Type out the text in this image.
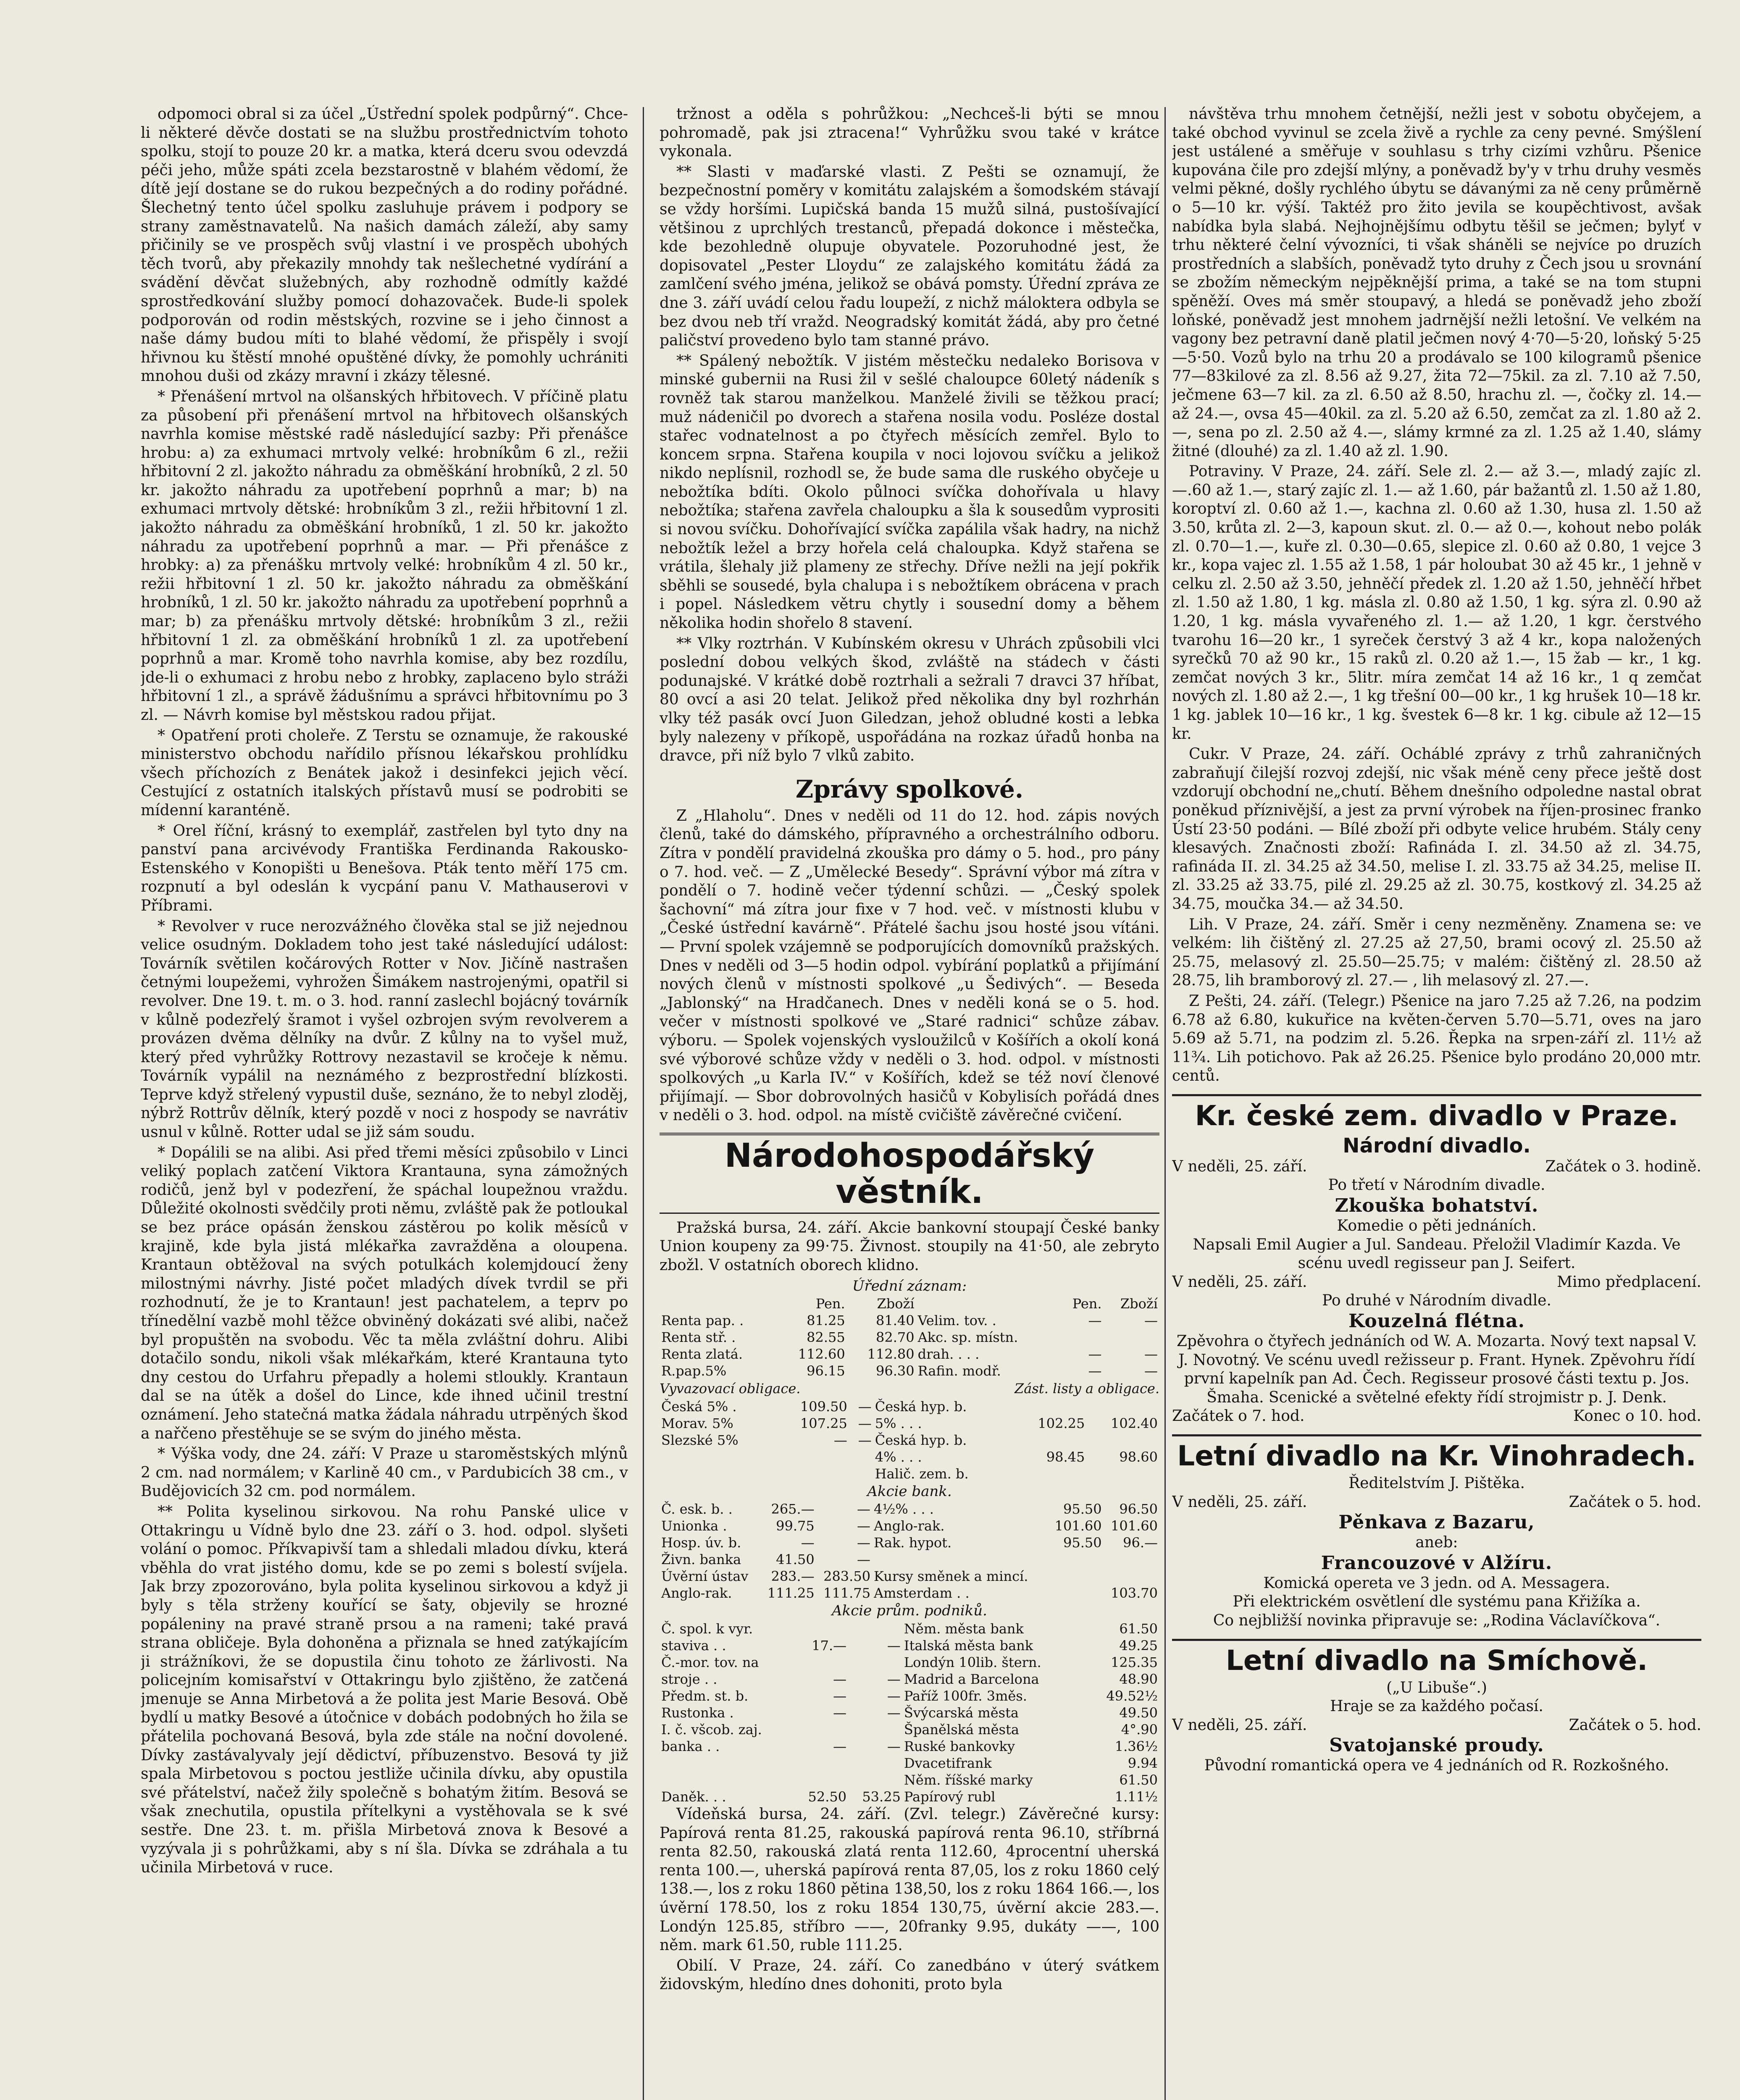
odpomoci obral si za účel „Ústřední spolek podpůrný“. Chce-li některé děvče dostati se na službu prostřednictvím tohoto spolku, stojí to pouze 20 kr. a matka, která dceru svou odevzdá péči jeho, může spáti zcela bezstarostně v blahém vědomí, že dítě její dostane se do rukou bezpečných a do rodiny pořádné. Šlechetný tento účel spolku zasluhuje právem i podpory se strany zaměstnavatelů. Na našich damách záleží, aby samy přičinily se ve prospěch svůj vlastní i ve prospěch ubohých těch tvorů, aby překazily mnohdy tak nešlechetné vydírání a svádění děvčat služebných, aby rozhodně odmítly každé sprostředkování služby pomocí dohazovaček. Bude-li spolek podporován od rodin městských, rozvine se i jeho činnost a naše dámy budou míti to blahé vědomí, že přispěly i svojí hřivnou ku štěstí mnohé opuštěné dívky, že pomohly uchrániti mnohou duši od zkázy mravní i zkázy tělesné.

* Přenášení mrtvol na olšanských hřbitovech. V příčině platu za působení při přenášení mrtvol na hřbitovech olšanských navrhla komise městské radě následující sazby: Při přenášce hrobu: a) za exhumaci mrtvoly velké: hrobníkům 6 zl., režii hřbitovní 2 zl. jakožto náhradu za obměškání hrobníků, 2 zl. 50 kr. jakožto náhradu za upotřebení poprhnů a mar; b) na exhumaci mrtvoly dětské: hrobníkům 3 zl., režii hřbitovní 1 zl. jakožto náhradu za obměškání hrobníků, 1 zl. 50 kr. jakožto náhradu za upotřebení poprhnů a mar. — Při přenášce z hrobky: a) za přenášku mrtvoly velké: hrobníkům 4 zl. 50 kr., režii hřbitovní 1 zl. 50 kr. jakožto náhradu za obměškání hrobníků, 1 zl. 50 kr. jakožto náhradu za upotřebení poprhnů a mar; b) za přenášku mrtvoly dětské: hrobníkům 3 zl., režii hřbitovní 1 zl. za obměškání hrobníků 1 zl. za upotřebení poprhnů a mar. Kromě toho navrhla komise, aby bez rozdílu, jde-li o exhumaci z hrobu nebo z hrobky, zaplaceno bylo stráži hřbitovní 1 zl., a správě žádušnímu a správci hřbitovnímu po 3 zl. — Návrh komise byl městskou radou přijat.

* Opatření proti choleře. Z Terstu se oznamuje, že rakouské ministerstvo obchodu nařídilo přísnou lékařskou prohlídku všech příchozích z Benátek jakož i desinfekci jejich věcí. Cestující z ostatních italských přístavů musí se podrobiti se mídenní karanténě.

* Orel říční, krásný to exemplář, zastřelen byl tyto dny na panství pana arcivévody Františka Ferdinanda Rakousko-Estenského v Konopišti u Benešova. Pták tento měří 175 cm. rozpnutí a byl odeslán k vycpání panu V. Mathauserovi v Příbrami.

* Revolver v ruce nerozvážného člověka stal se již nejednou velice osudným. Dokladem toho jest také následující událost: Továrník světilen kočárových Rotter v Nov. Jičíně nastrašen četnými loupežemi, vyhrožen Šimákem nastrojenými, opatřil si revolver. Dne 19. t. m. o 3. hod. ranní zaslechl bojácný továrník v kůlně podezřelý šramot i vyšel ozbrojen svým revolverem a provázen dvěma dělníky na dvůr. Z kůlny na to vyšel muž, který před vyhrůžky Rottrovy nezastavil se kročeje k němu. Továrník vypálil na neznámého z bezprostřední blízkosti. Teprve když střelený vypustil duše, seznáno, že to nebyl zloděj, nýbrž Rottrův dělník, který pozdě v noci z hospody se navrátiv usnul v kůlně. Rotter udal se již sám soudu.

* Dopálili se na alibi. Asi před třemi měsíci způsobilo v Linci veliký poplach zatčení Viktora Krantauna, syna zámožných rodičů, jenž byl v podezření, že spáchal loupežnou vraždu. Důležité okolnosti svědčily proti němu, zvláště pak že potloukal se bez práce opásán ženskou zástěrou po kolik měsíců v krajině, kde byla jistá mlékařka zavražděna a oloupena. Krantaun obtěžoval na svých potulkách kolemjdoucí ženy milostnými návrhy. Jisté počet mladých dívek tvrdil se při rozhodnutí, že je to Krantaun! jest pachatelem, a teprv po třínedělní vazbě mohl těžce obviněný dokázati své alibi, načež byl propuštěn na svobodu. Věc ta měla zvláštní dohru. Alibi dotačilo sondu, nikoli však mlékařkám, které Krantauna tyto dny cestou do Urfahru přepadly a holemi stloukly. Krantaun dal se na útěk a došel do Lince, kde ihned učinil trestní oznámení. Jeho statečná matka žádala náhradu utrpěných škod a nařčeno přestěhuje se se svým do jiného města.

* Výška vody, dne 24. září: V Praze u staroměstských mlýnů 2 cm. nad normálem; v Karlině 40 cm., v Pardubicích 38 cm., v Budějovicích 32 cm. pod normálem.

** Polita kyselinou sirkovou. Na rohu Panské ulice v Ottakringu u Vídně bylo dne 23. září o 3. hod. odpol. slyšeti volání o pomoc. Příkvapivší tam a shledali mladou dívku, která vběhla do vrat jistého domu, kde se po zemi s bolestí svíjela. Jak brzy zpozorováno, byla polita kyselinou sirkovou a když ji byly s těla strženy kouřící se šaty, objevily se hrozné popáleniny na pravé straně prsou a na rameni; také pravá strana obličeje. Byla dohoněna a přiznala se hned zatýkajícím ji strážníkovi, že se dopustila činu tohoto ze žárlivosti. Na policejním komisařství v Ottakringu bylo zjištěno, že zatčená jmenuje se Anna Mirbetová a že polita jest Marie Besová. Obě bydlí u matky Besové a útočnice v dobách podobných ho žila se přátelila pochovaná Besová, byla zde stále na noční dovolené. Dívky zastávalyvaly její dědictví, příbuzenstvo. Besová ty již spala Mirbetovou s poctou jestliže učinila dívku, aby opustila své přátelství, načež žily společně s bohatým žitím. Besová se však znechutila, opustila přítelkyni a vystěhovala se k své sestře. Dne 23. t. m. přišla Mirbetová znova k Besové a vyzývala ji s pohrůžkami, aby s ní šla. Dívka se zdráhala a tu učinila Mirbetová v ruce.

tržnost a oděla s pohrůžkou: „Nechceš-li býti se mnou pohromadě, pak jsi ztracena!“ Vyhrůžku svou také v krátce vykonala.

** Slasti v maďarské vlasti. Z Pešti se oznamují, že bezpečnostní poměry v komitátu zalajském a šomodském stávají se vždy horšími. Lupičská banda 15 mužů silná, pustošívající většinou z uprchlých trestanců, přepadá dokonce i městečka, kde bezohledně olupuje obyvatele. Pozoruhodné jest, že dopisovatel „Pester Lloydu“ ze zalajského komitátu žádá za zamlčení svého jména, jelikož se obává pomsty. Úřední zpráva ze dne 3. září uvádí celou řadu loupeží, z nichž máloktera odbyla se bez dvou neb tří vražd. Neogradský komitát žádá, aby pro četné paličství provedeno bylo tam stanné právo.

** Spálený nebožtík. V jistém městečku nedaleko Borisova v minské gubernii na Rusi žil v sešlé chaloupce 60letý nádeník s rovněž tak starou manželkou. Manželé živili se těžkou prací; muž nádeničil po dvorech a stařena nosila vodu. Posléze dostal stařec vodnatelnost a po čtyřech měsících zemřel. Bylo to koncem srpna. Stařena koupila v noci lojovou svíčku a jelikož nikdo neplísnil, rozhodl se, že bude sama dle ruského obyčeje u nebožtíka bdíti. Okolo půlnoci svíčka dohořívala u hlavy nebožtíka; stařena zavřela chaloupku a šla k sousedům vyprositi si novou svíčku. Dohořívající svíčka zapálila však hadry, na nichž nebožtík ležel a brzy hořela celá chaloupka. Když stařena se vrátila, šlehaly již plameny ze střechy. Dříve nežli na její pokřik sběhli se sousedé, byla chalupa i s nebožtíkem obrácena v prach i popel. Následkem větru chytly i sousední domy a během několika hodin shořelo 8 stavení.

** Vlky roztrhán. V Kubínském okresu v Uhrách způsobili vlci poslední dobou velkých škod, zvláště na stádech v části podunajské. V krátké době roztrhali a sežrali 7 dravci 37 hříbat, 80 ovcí a asi 20 telat. Jelikož před několika dny byl rozhrhán vlky též pasák ovcí Juon Giledzan, jehož obludné kosti a lebka byly nalezeny v příkopě, uspořádána na rozkaz úřadů honba na dravce, při níž bylo 7 vlků zabito.

Zprávy spolkové.

Z „Hlaholu“. Dnes v neděli od 11 do 12. hod. zápis nových členů, také do dámského, přípravného a orchestrálního odboru. Zítra v pondělí pravidelná zkouška pro dámy o 5. hod., pro pány o 7. hod. več. — Z „Umělecké Besedy“. Správní výbor má zítra v pondělí o 7. hodině večer týdenní schůzi. — „Český spolek šachovní“ má zítra jour fixe v 7 hod. več. v místnosti klubu v „České ústřední kavárně“. Přátelé šachu jsou hosté jsou vítáni. — První spolek vzájemně se podporujících domovníků pražských. Dnes v neděli od 3—5 hodin odpol. vybírání poplatků a přijímání nových členů v místnosti spolkové „u Šedivých“. — Beseda „Jablonský“ na Hradčanech. Dnes v neděli koná se o 5. hod. večer v místnosti spolkové ve „Staré radnici“ schůze zábav. výboru. — Spolek vojenských vysloužilců v Košířích a okolí koná své výborové schůze vždy v neděli o 3. hod. odpol. v místnosti spolkových „u Karla IV.“ v Košířích, kdež se též noví členové přijímají. — Sbor dobrovolných hasičů v Kobylisích pořádá dnes v neděli o 3. hod. odpol. na místě cvičiště závěrečné cvičení.

Národohospodářský věstník.

Pražská bursa, 24. září. Akcie bankovní stoupají České banky Union koupeny za 99·75. Živnost. stoupily na 41·50, ale zebryto zbožl. V ostatních oborech klidno.

Úřední záznam:
	Pen.	Zboží		Pen.	Zboží
Renta pap. .	81.25	81.40	Velim. tov. .	—	—
Renta stř. .	82.55	82.70	Akc. sp. místn.		
Renta zlatá.	112.60	112.80	drah. . . .	—	—
R.pap.5%	96.15	96.30	Rafin. modř.	—	—
Vyvazovací obligace.	Zást. listy a obligace.
Česká 5% .	109.50	—	Česká hyp. b.		
Morav. 5%	107.25	—	5% . . .	102.25	102.40
Slezské 5%	—	—	Česká hyp. b.		
			4% . . .	98.45	98.60
			Halič. zem. b.		
Akcie bank.
Č. esk. b. .	265.—	—	4½% . . .	95.50	96.50
Unionka .	99.75	—	Anglo-rak.	101.60	101.60
Hosp. úv. b.	—	—	Rak. hypot.	95.50	96.—
Živn. banka	41.50	—			
Úvěrní ústav	283.—	283.50	Kursy směnek a mincí.		
Anglo-rak.	111.25	111.75	Amsterdam . .		103.70
Akcie prům. podniků.
Č. spol. k vyr.			Něm. města bank		61.50
staviva . .	17.—	—	Italská města bank		49.25
Č.-mor. tov. na			Londýn 10lib. štern.		125.35
strojе . .	—	—	Madrid a Barcelona		48.90
Předm. st. b.	—	—	Paříž 100fr. 3měs.		49.52½
Rustonka .	—	—	Švýcarská města		49.50
I. č. všcob. zaj.			Španělská města		4°.90
banka . .	—	—	Ruské bankovky		1.36½
			Dvacetifrank		9.94
			Něm. říšské marky		61.50
Daněk. . .	52.50	53.25	Papírový rubl		1.11½

Vídeňská bursa, 24. září. (Zvl. telegr.) Závěrečné kursy: Papírová renta 81.25, rakouská papírová renta 96.10, stříbrná renta 82.50, rakouská zlatá renta 112.60, 4procentní uherská renta 100.—, uherská papírová renta 87,05, los z roku 1860 celý 138.—, los z roku 1860 pětina 138,50, los z roku 1864 166.—, los úvěrní 178.50, los z roku 1854 130,75, úvěrní akcie 283.—. Londýn 125.85, stříbro ——, 20franky 9.95, dukáty ——, 100 něm. mark 61.50, ruble 111.25.

Obilí. V Praze, 24. září. Co zanedbáno v úterý svátkem židovským, hledíno dnes dohoniti, proto byla

návštěva trhu mnohem četnější, nežli jest v sobotu obyčejem, a také obchod vyvinul se zcela živě a rychle za ceny pevné. Smýšlení jest ustálené a směřuje v souhlasu s trhy cizími vzhůru. Pšenice kupována čile pro zdejší mlýny, a poněvadž by'y v trhu druhy vesměs velmi pěkné, došly rychlého úbytu se dávanými za ně ceny průměrně o 5—10 kr. výší. Taktéž pro žito jevila se koupěchtivost, avšak nabídka byla slabá. Nejhojnějšímu odbytu těšil se ječmen; bylyť v trhu některé čelní vývozníci, ti však sháněli se nejvíce po druzích prostředních a slabších, poněvadž tyto druhy z Čech jsou u srovnání se zbožím německým nejpěknější prima, a také se na tom stupni spěněží. Oves má směr stoupavý, a hledá se poněvadž jeho zboží loňské, poněvadž jest mnohem jadrnější nežli letošní. Ve velkém na vagony bez petravní daně platil ječmen nový 4·70—5·20, loňský 5·25—5·50. Vozů bylo na trhu 20 a prodávalo se 100 kilogramů pšenice 77—83kilové za zl. 8.56 až 9.27, žita 72—75kil. za zl. 7.10 až 7.50, ječmene 63—7 kil. za zl. 6.50 až 8.50, hrachu zl. —, čočky zl. 14.— až 24.—, ovsa 45—40kil. za zl. 5.20 až 6.50, zemčat za zl. 1.80 až 2.—, sena po zl. 2.50 až 4.—, slámy krmné za zl. 1.25 až 1.40, slámy žitné (dlouhé) za zl. 1.40 až zl. 1.90.

Potraviny. V Praze, 24. září. Sele zl. 2.— až 3.—, mladý zajíc zl. —.60 až 1.—, starý zajíc zl. 1.— až 1.60, pár bažantů zl. 1.50 až 1.80, koroptví zl. 0.60 až 1.—, kachna zl. 0.60 až 1.30, husa zl. 1.50 až 3.50, krůta zl. 2—3, kapoun skut. zl. 0.— až 0.—, kohout nebo polák zl. 0.70—1.—, kuře zl. 0.30—0.65, slepice zl. 0.60 až 0.80, 1 vejce 3 kr., kopa vajec zl. 1.55 až 1.58, 1 pár holoubat 30 až 45 kr., 1 jehně v celku zl. 2.50 až 3.50, jehněčí předek zl. 1.20 až 1.50, jehněčí hřbet zl. 1.50 až 1.80, 1 kg. másla zl. 0.80 až 1.50, 1 kg. sýra zl. 0.90 až 1.20, 1 kg. másla vyvařeného zl. 1.— až 1.20, 1 kgr. čerstvého tvarohu 16—20 kr., 1 syreček čerstvý 3 až 4 kr., kopa naložených syrečků 70 až 90 kr., 15 raků zl. 0.20 až 1.—, 15 žab — kr., 1 kg. zemčat nových 3 kr., 5litr. míra zemčat 14 až 16 kr., 1 q zemčat nových zl. 1.80 až 2.—, 1 kg třešní 00—00 kr., 1 kg hrušek 10—18 kr. 1 kg. jablek 10—16 kr., 1 kg. švestek 6—8 kr. 1 kg. cibule až 12—15 kr.

Cukr. V Praze, 24. září. Ocháblé zprávy z trhů zahraničných zabraňují čilejší rozvoj zdejší, nic však méně ceny přece ještě dost vzdorují obchodní ne„chutí. Během dnešního odpoledne nastal obrat poněkud příznivější, a jest za první výrobek na říjen-prosinec franko Ústí 23·50 podáni. — Bílé zboží při odbyte velice hrubém. Stály ceny klesavých. Značnosti zboží: Rafináda I. zl. 34.50 až zl. 34.75, rafináda II. zl. 34.25 až 34.50, melise I. zl. 33.75 až 34.25, melise II. zl. 33.25 až 33.75, pilé zl. 29.25 až zl. 30.75, kostkový zl. 34.25 až 34.75, moučka 34.— až 34.50.

Lih. V Praze, 24. září. Směr i ceny nezměněny. Znamena se: ve velkém: lih čištěný zl. 27.25 až 27,50, brami ocový zl. 25.50 až 25.75, melasový zl. 25.50—25.75; v malém: čištěný zl. 28.50 až 28.75, lih bramborový zl. 27.— , lih melasový zl. 27.—.

Z Pešti, 24. září. (Telegr.) Pšenice na jaro 7.25 až 7.26, na podzim 6.78 až 6.80, kukuřice na květen-červen 5.70—5.71, oves na jaro 5.69 až 5.71, na podzim zl. 5.26. Řepka na srpen-září zl. 11½ až 11¾. Lih potichovo. Pak až 26.25. Pšenice bylo prodáno 20,000 mtr. centů.

Kr. české zem. divadlo v Praze.
Národní divadlo.
V neděli, 25. září.	Začátek o 3. hodině.
Po třetí v Národním divadle.
Zkouška bohatství.
Komedie o pěti jednáních.
Napsali Emil Augier a Jul. Sandeau. Přeložil Vladimír Kazda. Ve scénu uvedl regisseur pan J. Seifert.
V neděli, 25. září.	Mimo předplacení.
Po druhé v Národním divadle.
Kouzelná flétna.
Zpěvohra o čtyřech jednáních od W. A. Mozarta. Nový text napsal V. J. Novotný. Ve scénu uvedl režisseur p. Frant. Hynek. Zpěvohru řídí první kapelník pan Ad. Čech. Regisseur prosové části textu p. Jos. Šmaha. Scenické a světelné efekty řídí strojmistr p. J. Denk.
Začátek o 7. hod.	Konec o 10. hod.
Letní divadlo na Kr. Vinohradech.
Ředitelstvím J. Pištěka.
V neděli, 25. září.	Začátek o 5. hod.
Pěnkava z Bazaru,
aneb:
Francouzové v Alžíru.
Komická opereta ve 3 jedn. od A. Messagera.
Při elektrickém osvětlení dle systému pana Křižíka a.
Co nejbližší novinka připravuje se: „Rodina Václavíčkova“.
Letní divadlo na Smíchově.
(„U Libuše“.)
Hraje se za každého počasí.
V neděli, 25. září.	Začátek o 5. hod.
Svatojanské proudy.
Původní romantická opera ve 4 jednáních od R. Rozkošného.
